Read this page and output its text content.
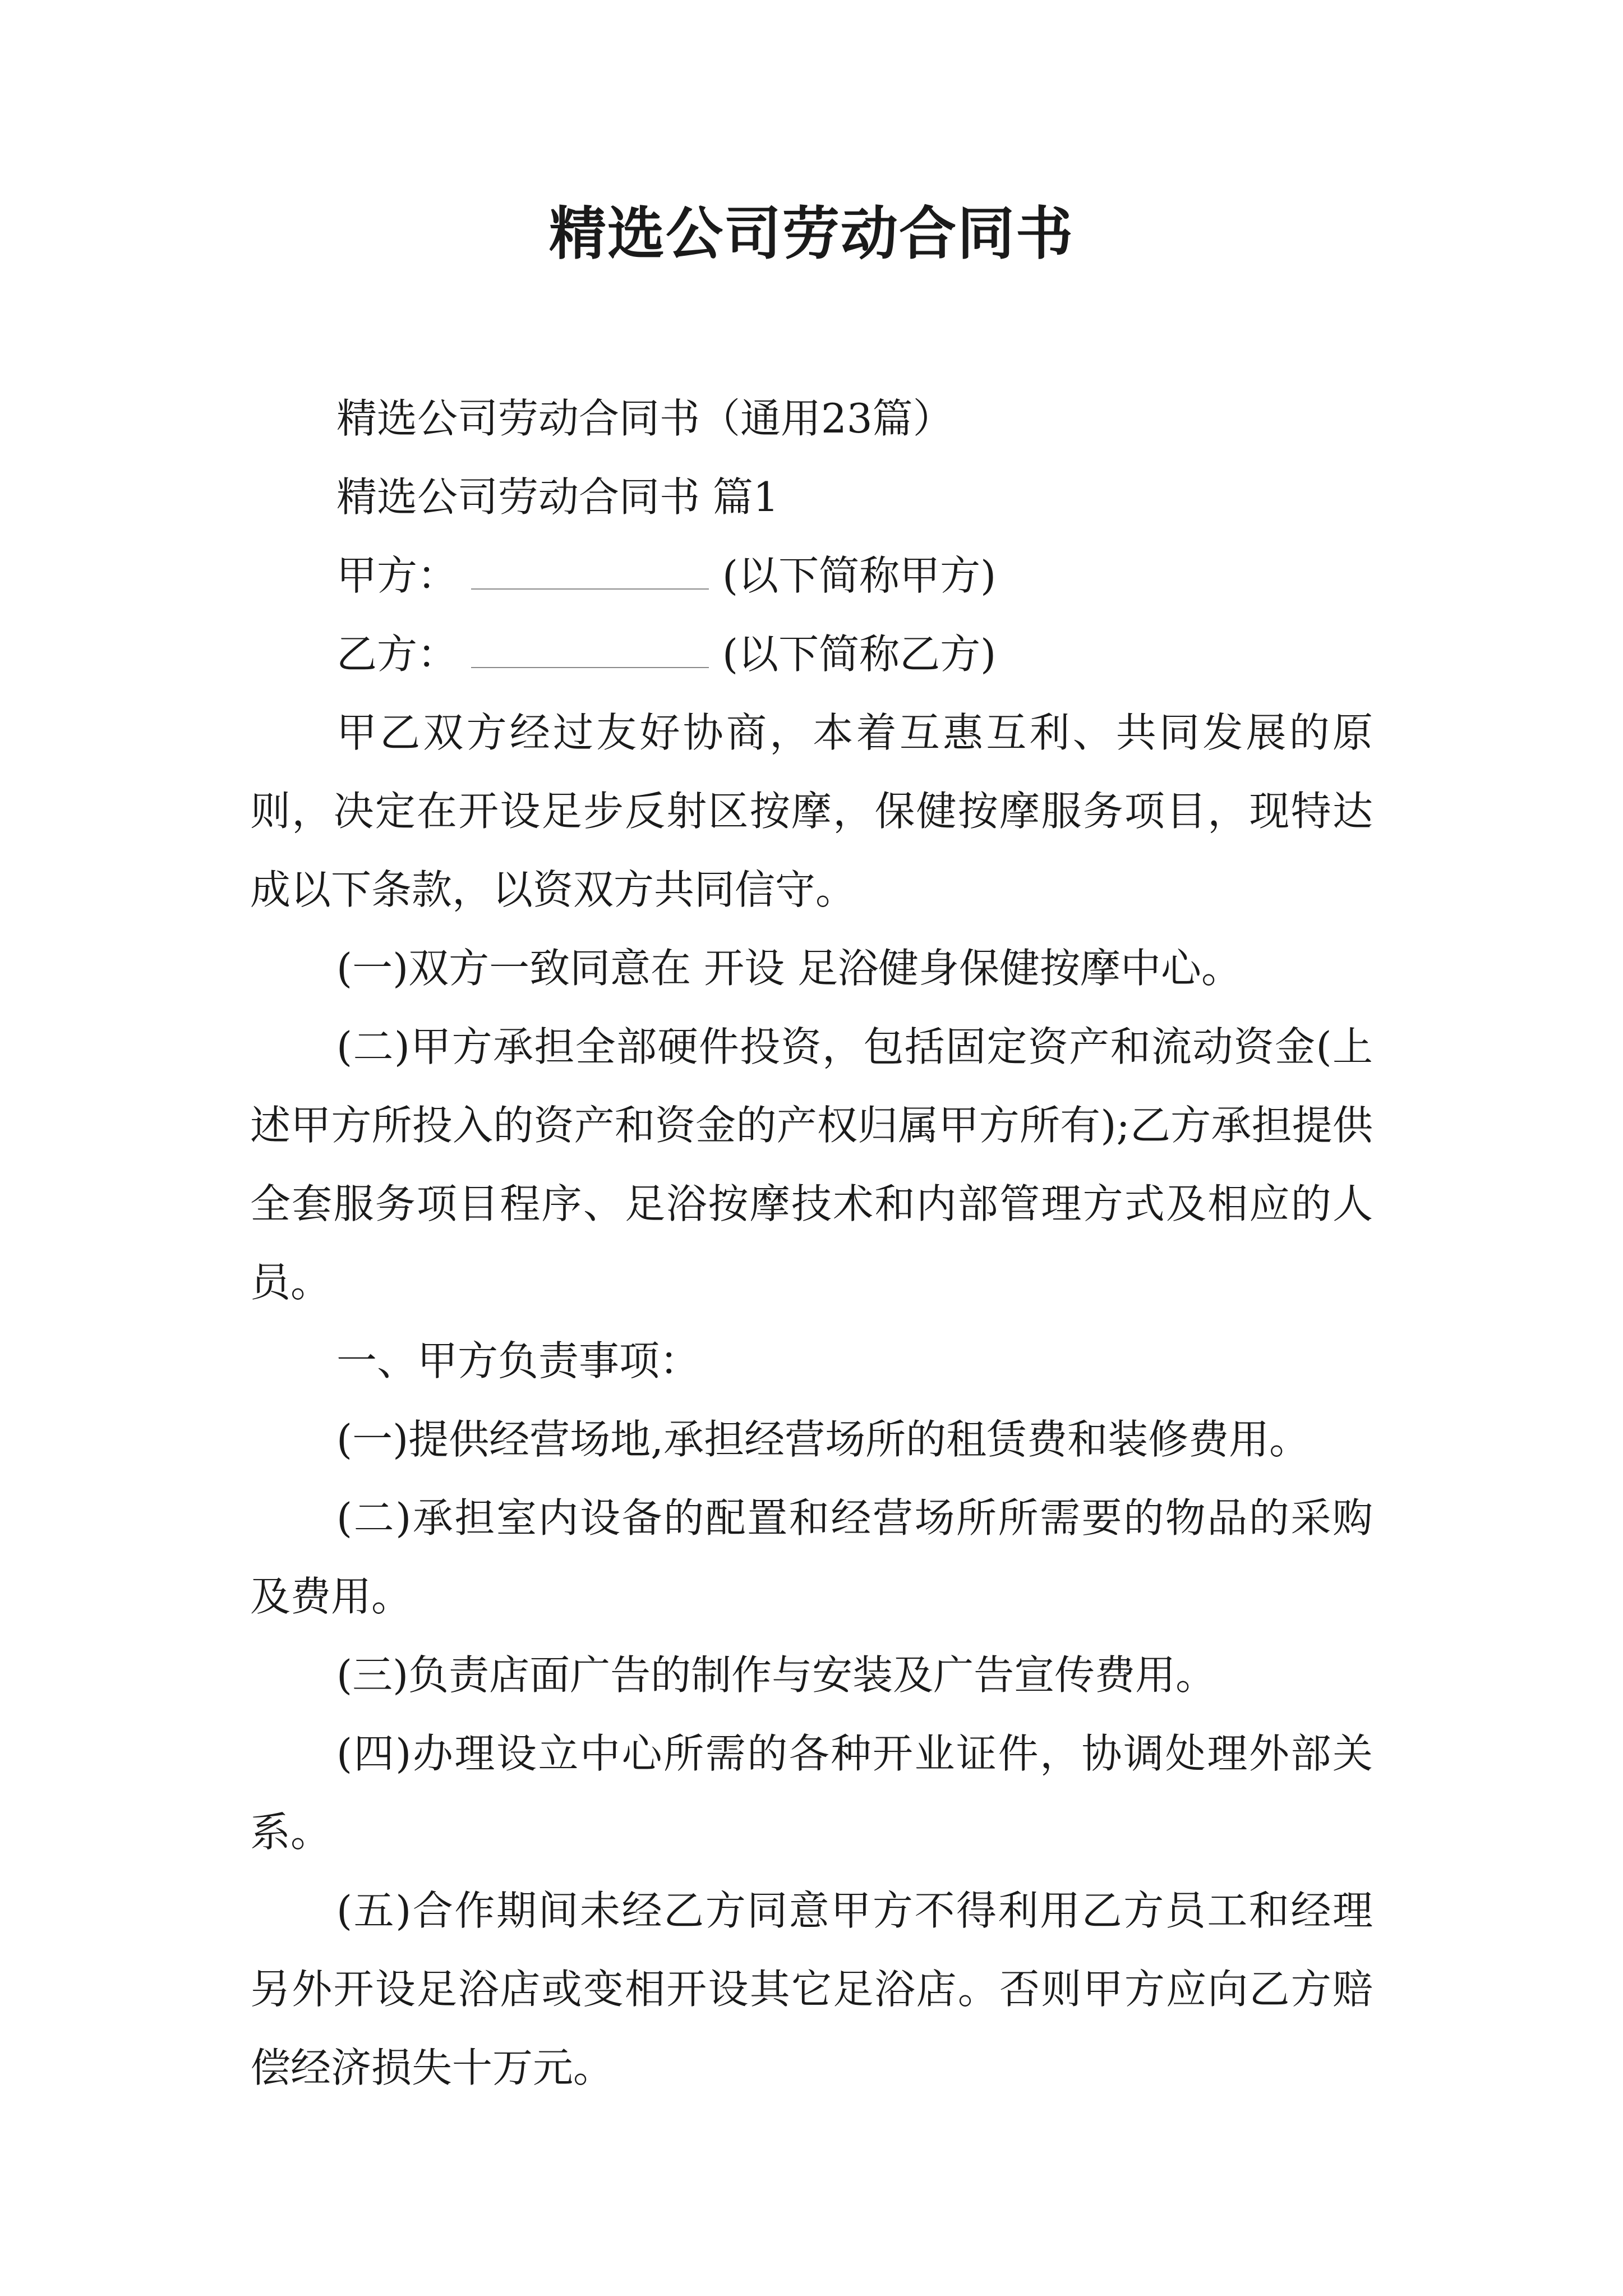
精选公司劳动合同书

精选公司劳动合同书（通用23篇）

精选公司劳动合同书 篇1

甲方：	(以下简称甲方)

乙方：	(以下简称乙方)

甲乙双方经过友好协商，本着互惠互利、共同发展的原则，决定在开设足步反射区按摩，保健按摩服务项目，现特达成以下条款，以资双方共同信守。

(一)双方一致同意在 开设 足浴健身保健按摩中心。

(二)甲方承担全部硬件投资，包括固定资产和流动资金(上述甲方所投入的资产和资金的产权归属甲方所有);乙方承担提供全套服务项目程序、足浴按摩技术和内部管理方式及相应的人员。

一、甲方负责事项：

(一)提供经营场地,承担经营场所的租赁费和装修费用。

(二)承担室内设备的配置和经营场所所需要的物品的采购及费用。

(三)负责店面广告的制作与安装及广告宣传费用。

(四)办理设立中心所需的各种开业证件，协调处理外部关系。

(五)合作期间未经乙方同意甲方不得利用乙方员工和经理另外开设足浴店或变相开设其它足浴店。否则甲方应向乙方赔偿经济损失十万元。
